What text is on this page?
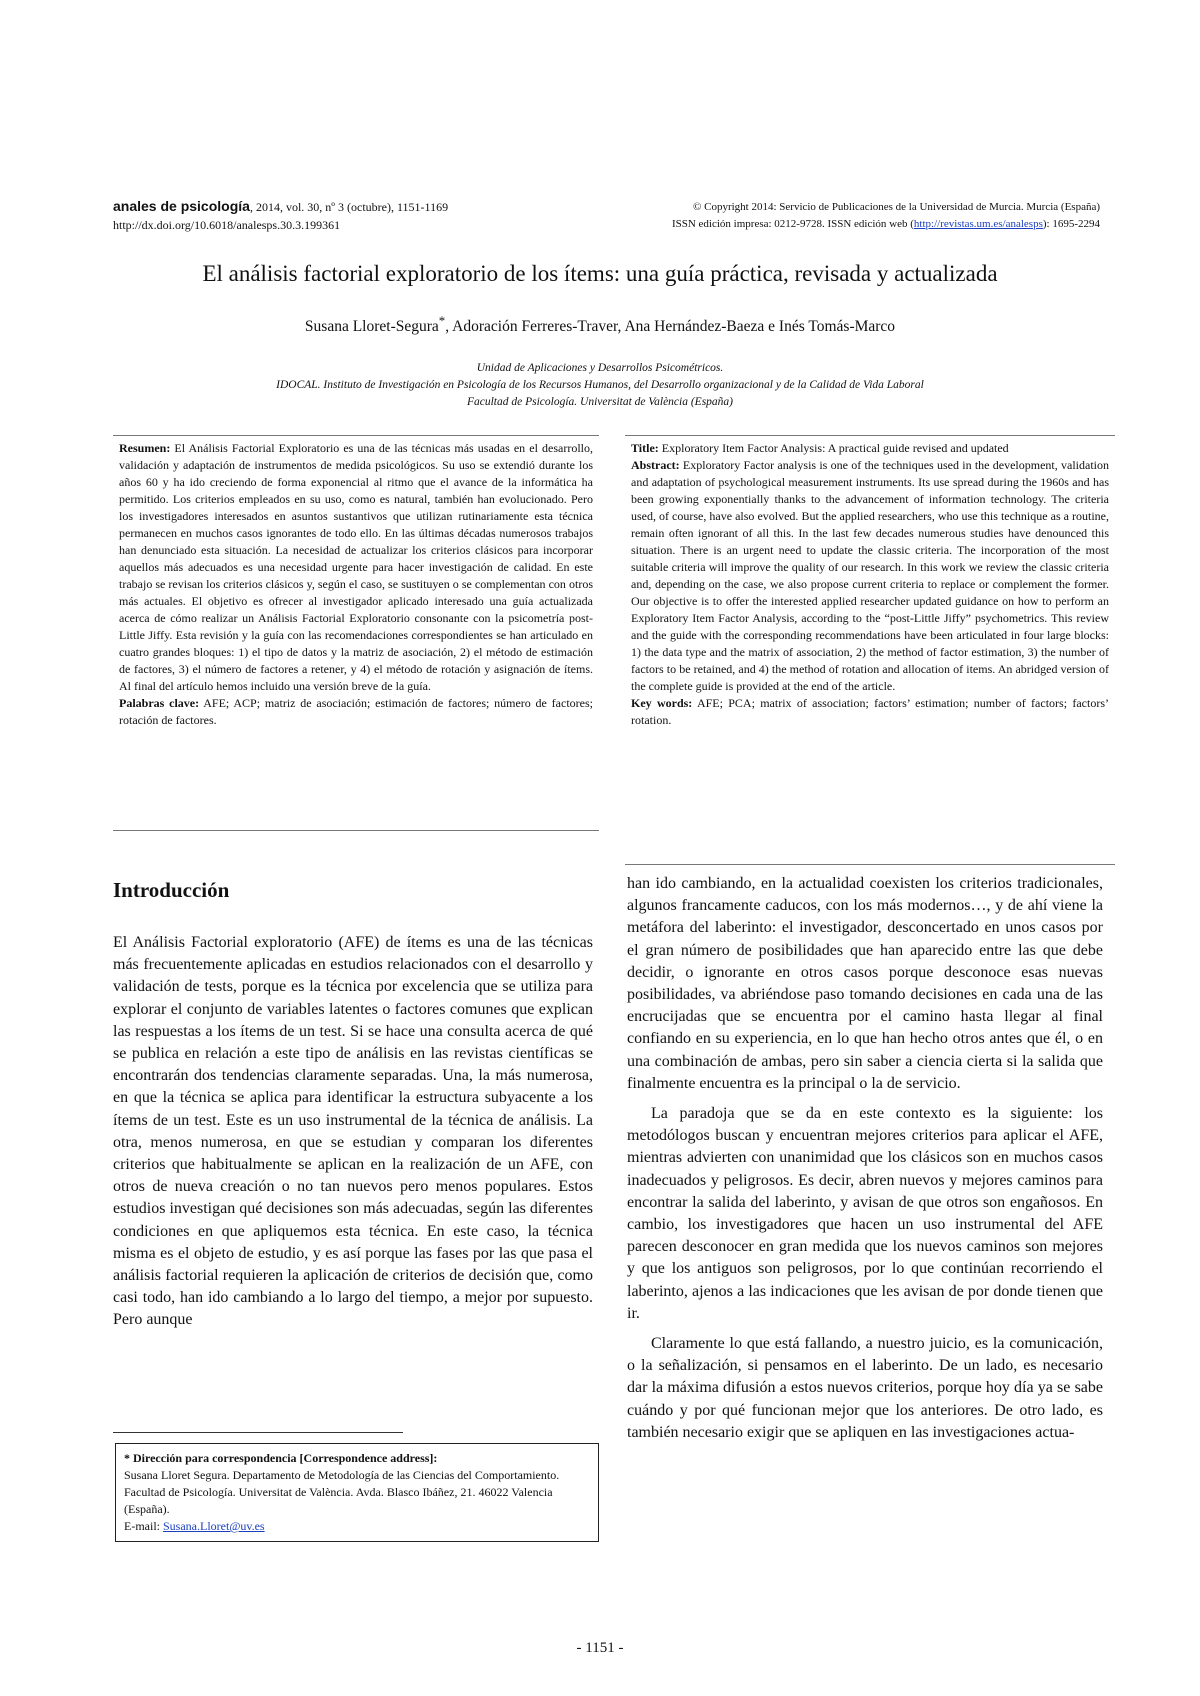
anales de psicología, 2014, vol. 30, nº 3 (octubre), 1151-1169
http://dx.doi.org/10.6018/analesps.30.3.199361
© Copyright 2014: Servicio de Publicaciones de la Universidad de Murcia. Murcia (España)
ISSN edición impresa: 0212-9728. ISSN edición web (http://revistas.um.es/analesps): 1695-2294
El análisis factorial exploratorio de los ítems: una guía práctica, revisada y actualizada
Susana Lloret-Segura*, Adoración Ferreres-Traver, Ana Hernández-Baeza e Inés Tomás-Marco
Unidad de Aplicaciones y Desarrollos Psicométricos.
IDOCAL. Instituto de Investigación en Psicología de los Recursos Humanos, del Desarrollo organizacional y de la Calidad de Vida Laboral
Facultad de Psicología. Universitat de València (España)

Resumen: El Análisis Factorial Exploratorio es una de las técnicas más usadas en el desarrollo, validación y adaptación de instrumentos de medida psicológicos. Su uso se extendió durante los años 60 y ha ido creciendo de forma exponencial al ritmo que el avance de la informática ha permitido. Los criterios empleados en su uso, como es natural, también han evolucionado. Pero los investigadores interesados en asuntos sustantivos que utilizan rutinariamente esta técnica permanecen en muchos casos ignorantes de todo ello. En las últimas décadas numerosos trabajos han denunciado esta situación. La necesidad de actualizar los criterios clásicos para incorporar aquellos más adecuados es una necesidad urgente para hacer investigación de calidad. En este trabajo se revisan los criterios clásicos y, según el caso, se sustituyen o se complementan con otros más actuales. El objetivo es ofrecer al investigador aplicado interesado una guía actualizada acerca de cómo realizar un Análisis Factorial Exploratorio consonante con la psicometría post-Little Jiffy. Esta revisión y la guía con las recomendaciones correspondientes se han articulado en cuatro grandes bloques: 1) el tipo de datos y la matriz de asociación, 2) el método de estimación de factores, 3) el número de factores a retener, y 4) el método de rotación y asignación de ítems. Al final del artículo hemos incluido una versión breve de la guía.

Palabras clave: AFE; ACP; matriz de asociación; estimación de factores; número de factores; rotación de factores.

Title: Exploratory Item Factor Analysis: A practical guide revised and updated

Abstract: Exploratory Factor analysis is one of the techniques used in the development, validation and adaptation of psychological measurement instruments. Its use spread during the 1960s and has been growing exponentially thanks to the advancement of information technology. The criteria used, of course, have also evolved. But the applied researchers, who use this technique as a routine, remain often ignorant of all this. In the last few decades numerous studies have denounced this situation. There is an urgent need to update the classic criteria. The incorporation of the most suitable criteria will improve the quality of our research. In this work we review the classic criteria and, depending on the case, we also propose current criteria to replace or complement the former. Our objective is to offer the interested applied researcher updated guidance on how to perform an Exploratory Item Factor Analysis, according to the “post-Little Jiffy” psychometrics. This review and the guide with the corresponding recommendations have been articulated in four large blocks: 1) the data type and the matrix of association, 2) the method of factor estimation, 3) the number of factors to be retained, and 4) the method of rotation and allocation of items. An abridged version of the complete guide is provided at the end of the article.

Key words: AFE; PCA; matrix of association; factors’ estimation; number of factors; factors’ rotation.

Introducción

El Análisis Factorial exploratorio (AFE) de ítems es una de las técnicas más frecuentemente aplicadas en estudios relacionados con el desarrollo y validación de tests, porque es la técnica por excelencia que se utiliza para explorar el conjunto de variables latentes o factores comunes que explican las respuestas a los ítems de un test. Si se hace una consulta acerca de qué se publica en relación a este tipo de análisis en las revistas científicas se encontrarán dos tendencias claramente separadas. Una, la más numerosa, en que la técnica se aplica para identificar la estructura subyacente a los ítems de un test. Este es un uso instrumental de la técnica de análisis. La otra, menos numerosa, en que se estudian y comparan los diferentes criterios que habitualmente se aplican en la realización de un AFE, con otros de nueva creación o no tan nuevos pero menos populares. Estos estudios investigan qué decisiones son más adecuadas, según las diferentes condiciones en que apliquemos esta técnica. En este caso, la técnica misma es el objeto de estudio, y es así porque las fases por las que pasa el análisis factorial requieren la aplicación de criterios de decisión que, como casi todo, han ido cambiando a lo largo del tiempo, a mejor por supuesto. Pero aunque

han ido cambiando, en la actualidad coexisten los criterios tradicionales, algunos francamente caducos, con los más modernos…, y de ahí viene la metáfora del laberinto: el investigador, desconcertado en unos casos por el gran número de posibilidades que han aparecido entre las que debe decidir, o ignorante en otros casos porque desconoce esas nuevas posibilidades, va abriéndose paso tomando decisiones en cada una de las encrucijadas que se encuentra por el camino hasta llegar al final confiando en su experiencia, en lo que han hecho otros antes que él, o en una combinación de ambas, pero sin saber a ciencia cierta si la salida que finalmente encuentra es la principal o la de servicio.

La paradoja que se da en este contexto es la siguiente: los metodólogos buscan y encuentran mejores criterios para aplicar el AFE, mientras advierten con unanimidad que los clásicos son en muchos casos inadecuados y peligrosos. Es decir, abren nuevos y mejores caminos para encontrar la salida del laberinto, y avisan de que otros son engañosos. En cambio, los investigadores que hacen un uso instrumental del AFE parecen desconocer en gran medida que los nuevos caminos son mejores y que los antiguos son peligrosos, por lo que continúan recorriendo el laberinto, ajenos a las indicaciones que les avisan de por donde tienen que ir.

Claramente lo que está fallando, a nuestro juicio, es la comunicación, o la señalización, si pensamos en el laberinto. De un lado, es necesario dar la máxima difusión a estos nuevos criterios, porque hoy día ya se sabe cuándo y por qué funcionan mejor que los anteriores. De otro lado, es también necesario exigir que se apliquen en las investigaciones actua-

* Dirección para correspondencia [Correspondence address]:

Susana Lloret Segura. Departamento de Metodología de las Ciencias del Comportamiento. Facultad de Psicología. Universitat de València. Avda. Blasco Ibáñez, 21. 46022 Valencia (España).

E-mail: Susana.Lloret@uv.es

- 1151 -
